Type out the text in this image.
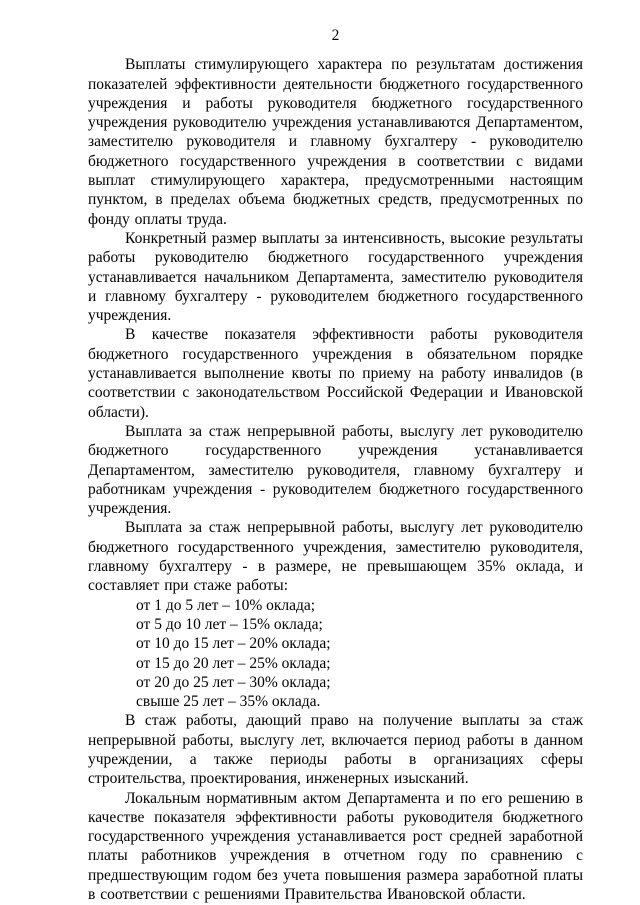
2

Выплаты стимулирующего характера по результатам достижения показателей эффективности деятельности бюджетного государственного учреждения и работы руководителя бюджетного государственного учреждения руководителю учреждения устанавливаются Департаментом, заместителю руководителя и главному бухгалтеру - руководителю бюджетного государственного учреждения в соответствии с видами выплат стимулирующего характера, предусмотренными настоящим пунктом, в пределах объема бюджетных средств, предусмотренных по фонду оплаты труда.

Конкретный размер выплаты за интенсивность, высокие результаты работы руководителю бюджетного государственного учреждения устанавливается начальником Департамента, заместителю руководителя и главному бухгалтеру - руководителем бюджетного государственного учреждения.

В качестве показателя эффективности работы руководителя бюджетного государственного учреждения в обязательном порядке устанавливается выполнение квоты по приему на работу инвалидов (в соответствии с законодательством Российской Федерации и Ивановской области).

Выплата за стаж непрерывной работы, выслугу лет руководителю бюджетного государственного учреждения устанавливается Департаментом, заместителю руководителя, главному бухгалтеру и работникам учреждения - руководителем бюджетного государственного учреждения.

Выплата за стаж непрерывной работы, выслугу лет руководителю бюджетного государственного учреждения, заместителю руководителя, главному бухгалтеру - в размере, не превышающем 35% оклада, и составляет при стаже работы:

от 1 до 5 лет – 10% оклада;

от 5 до 10 лет – 15% оклада;

от 10 до 15 лет – 20% оклада;

от 15 до 20 лет – 25% оклада;

от 20 до 25 лет – 30% оклада;

свыше 25 лет – 35% оклада.

В стаж работы, дающий право на получение выплаты за стаж непрерывной работы, выслугу лет, включается период работы в данном учреждении, а также периоды работы в организациях сферы строительства, проектирования, инженерных изысканий.

Локальным нормативным актом Департамента и по его решению в качестве показателя эффективности работы руководителя бюджетного государственного учреждения устанавливается рост средней заработной платы работников учреждения в отчетном году по сравнению с предшествующим годом без учета повышения размера заработной платы в соответствии с решениями Правительства Ивановской области.
